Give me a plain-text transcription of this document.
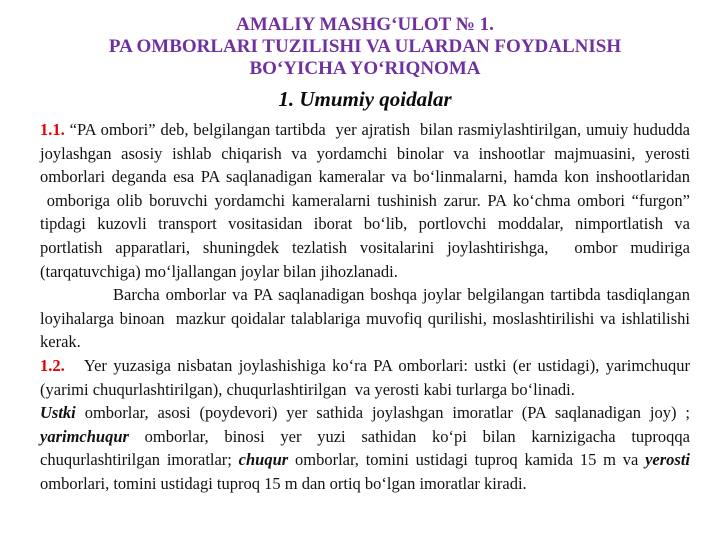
AMALIY MASHG‘ULOT № 1.
PA OMBORLARI TUZILISHI VA ULARDAN FOYDALNISH
BO‘YICHA YO‘RIQNOMA
1. Umumiy qoidalar

1.1. “PA ombori” deb, belgilangan tartibda  yer ajratish  bilan rasmiylashtirilgan, umuiy hududda joylashgan asosiy ishlab chiqarish va yordamchi binolar va inshootlar majmuasini, yerosti omborlari deganda esa PA saqlanadigan kameralar va bo‘linmalarni, hamda kon inshootlaridan  omboriga olib boruvchi yordamchi kameralarni tushinish zarur. PA ko‘chma ombori “furgon” tipdagi kuzovli transport vositasidan iborat bo‘lib, portlovchi moddalar, nimportlatish va portlatish apparatlari, shuningdek tezlatish vositalarini joylashtirishga,  ombor mudiriga (tarqatuvchiga) mo‘ljallangan joylar bilan jihozlanadi.

Barcha omborlar va PA saqlanadigan boshqa joylar belgilangan tartibda tasdiqlangan loyihalarga binoan  mazkur qoidalar talablariga muvofiq qurilishi, moslashtirilishi va ishlatilishi kerak.

1.2.   Yer yuzasiga nisbatan joylashishiga ko‘ra PA omborlari: ustki (er ustidagi), yarimchuqur (yarimi chuqurlashtirilgan), chuqurlashtirilgan  va yerosti kabi turlarga bo‘linadi.

Ustki omborlar, asosi (poydevori) yer sathida joylashgan imoratlar (PA saqlanadigan joy) ; yarimchuqur omborlar, binosi yer yuzi sathidan ko‘pi bilan karnizigacha tuproqqa chuqurlashtirilgan imoratlar; chuqur omborlar, tomini ustidagi tuproq kamida 15 m va yerosti omborlari, tomini ustidagi tuproq 15 m dan ortiq bo‘lgan imoratlar kiradi.
